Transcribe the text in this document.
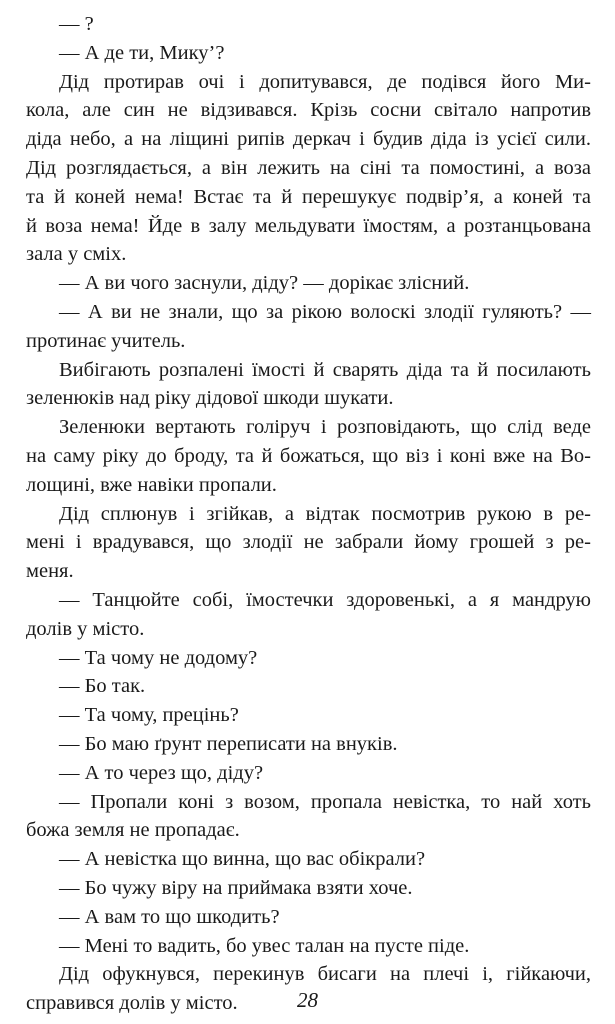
— ?
— А де ти, Мику’?
Дід протирав очі і допитувався, де подівся його Ми-
кола, але син не відзивався. Крізь сосни світало напротив
діда небо, а на ліщині рипів деркач і будив діда із усієї сили.
Дід розглядається, а він лежить на сіні та помостині, а воза
та й коней нема! Встає та й перешукує подвір’я, а коней та
й воза нема! Йде в залу мельдувати їмостям, а розтанцьована
зала у сміх.
— А ви чого заснули, діду? — дорікає злісний.
— А ви не знали, що за рікою волоскі злодії гуляють? —
протинає учитель.
Вибігають розпалені їмості й сварять діда та й посилають
зеленюків над ріку дідової шкоди шукати.
Зеленюки вертають голіруч і розповідають, що слід веде
на саму ріку до броду, та й божаться, що віз і коні вже на Во-
лощині, вже навіки пропали.
Дід сплюнув і згійкав, а відтак посмотрив рукою в ре-
мені і врадувався, що злодії не забрали йому грошей з ре-
меня.
— Танцюйте собі, їмостечки здоровенькі, а я мандрую
долів у місто.
— Та чому не додому?
— Бо так.
— Та чому, прецінь?
— Бо маю ґрунт переписати на внуків.
— А то через що, діду?
— Пропали коні з возом, пропала невістка, то най хоть
божа земля не пропадає.
— А невістка що винна, що вас обікрали?
— Бо чужу віру на приймака взяти хоче.
— А вам то що шкодить?
— Мені то вадить, бо увес талан на пусте піде.
Дід офукнувся, перекинув бисаги на плечі і, гійкаючи,
справився долів у місто.	28
